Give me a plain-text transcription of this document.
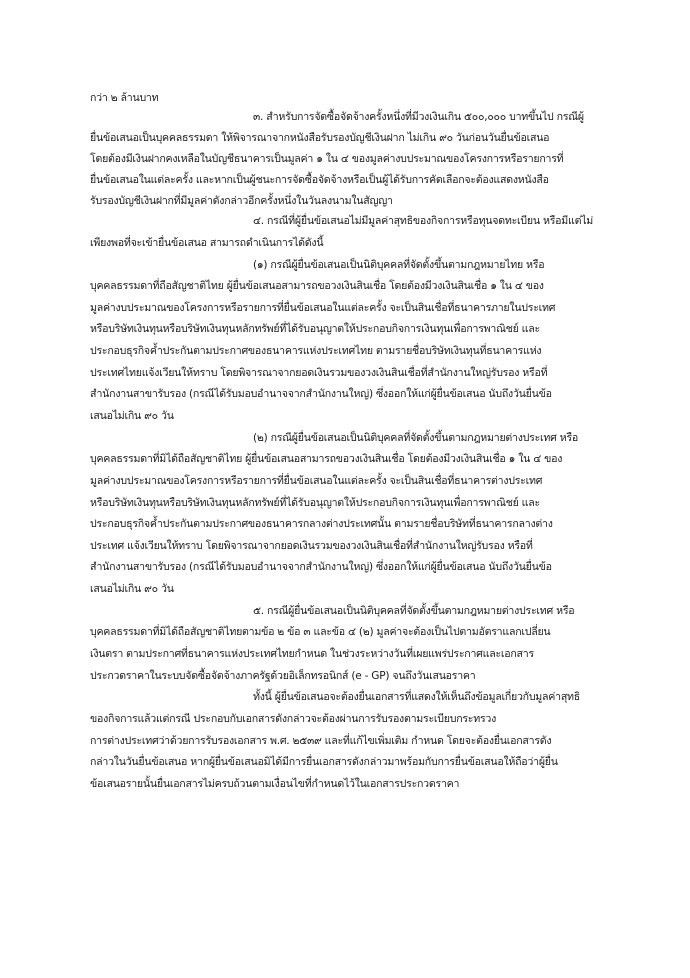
กว่า ๒ ล้านบาท
๓. สำหรับการจัดซื้อจัดจ้างครั้งหนึ่งที่มีวงเงินเกิน ๕๐๐,๐๐๐ บาทขึ้นไป กรณีผู้
ยื่นข้อเสนอเป็นบุคคลธรรมดา ให้พิจารณาจากหนังสือรับรองบัญชีเงินฝาก ไม่เกิน ๙๐ วันก่อนวันยื่นข้อเสนอ
โดยต้องมีเงินฝากคงเหลือในบัญชีธนาคารเป็นมูลค่า ๑ ใน ๔ ของมูลค่างบประมาณของโครงการหรือรายการที่
ยื่นข้อเสนอในแต่ละครั้ง และหากเป็นผู้ชนะการจัดซื้อจัดจ้างหรือเป็นผู้ได้รับการคัดเลือกจะต้องแสดงหนังสือ
รับรองบัญชีเงินฝากที่มีมูลค่าดังกล่าวอีกครั้งหนึ่งในวันลงนามในสัญญา
๔. กรณีที่ผู้ยื่นข้อเสนอไม่มีมูลค่าสุทธิของกิจการหรือทุนจดทะเบียน หรือมีแต่ไม่
เพียงพอที่จะเข้ายื่นข้อเสนอ สามารถดำเนินการได้ดังนี้
(๑) กรณีผู้ยื่นข้อเสนอเป็นนิติบุคคลที่จัดตั้งขึ้นตามกฎหมายไทย หรือ
บุคคลธรรมดาที่ถือสัญชาติไทย ผู้ยื่นข้อเสนอสามารถขอวงเงินสินเชื่อ โดยต้องมีวงเงินสินเชื่อ ๑ ใน ๔ ของ
มูลค่างบประมาณของโครงการหรือรายการที่ยื่นข้อเสนอในแต่ละครั้ง จะเป็นสินเชื่อที่ธนาคารภายในประเทศ
หรือบริษัทเงินทุนหรือบริษัทเงินทุนหลักทรัพย์ที่ได้รับอนุญาตให้ประกอบกิจการเงินทุนเพื่อการพาณิชย์ และ
ประกอบธุรกิจค้ำประกันตามประกาศของธนาคารแห่งประเทศไทย ตามรายชื่อบริษัทเงินทุนที่ธนาคารแห่ง
ประเทศไทยแจ้งเวียนให้ทราบ โดยพิจารณาจากยอดเงินรวมของวงเงินสินเชื่อที่สำนักงานใหญ่รับรอง หรือที่
สำนักงานสาขารับรอง (กรณีได้รับมอบอำนาจจากสำนักงานใหญ่) ซึ่งออกให้แก่ผู้ยื่นข้อเสนอ นับถึงวันยื่นข้อ
เสนอไม่เกิน ๙๐ วัน
(๒) กรณีผู้ยื่นข้อเสนอเป็นนิติบุคคลที่จัดตั้งขึ้นตามกฎหมายต่างประเทศ หรือ
บุคคลธรรมดาที่มิได้ถือสัญชาติไทย ผู้ยื่นข้อเสนอสามารถขอวงเงินสินเชื่อ โดยต้องมีวงเงินสินเชื่อ ๑ ใน ๔ ของ
มูลค่างบประมาณของโครงการหรือรายการที่ยื่นข้อเสนอในแต่ละครั้ง จะเป็นสินเชื่อที่ธนาคารต่างประเทศ
หรือบริษัทเงินทุนหรือบริษัทเงินทุนหลักทรัพย์ที่ได้รับอนุญาตให้ประกอบกิจการเงินทุนเพื่อการพาณิชย์ และ
ประกอบธุรกิจค้ำประกันตามประกาศของธนาคารกลางต่างประเทศนั้น ตามรายชื่อบริษัทที่ธนาคารกลางต่าง
ประเทศ แจ้งเวียนให้ทราบ โดยพิจารณาจากยอดเงินรวมของวงเงินสินเชื่อที่สำนักงานใหญ่รับรอง หรือที่
สำนักงานสาขารับรอง (กรณีได้รับมอบอำนาจจากสำนักงานใหญ่) ซึ่งออกให้แก่ผู้ยื่นข้อเสนอ นับถึงวันยื่นข้อ
เสนอไม่เกิน ๙๐ วัน
๕. กรณีผู้ยื่นข้อเสนอเป็นนิติบุคคลที่จัดตั้งขึ้นตามกฎหมายต่างประเทศ หรือ
บุคคลธรรมดาที่มิได้ถือสัญชาติไทยตามข้อ ๒ ข้อ ๓ และข้อ ๔ (๒) มูลค่าจะต้องเป็นไปตามอัตราแลกเปลี่ยน
เงินตรา ตามประกาศที่ธนาคารแห่งประเทศไทยกำหนด ในช่วงระหว่างวันที่เผยแพร่ประกาศและเอกสาร
ประกวดราคาในระบบจัดซื้อจัดจ้างภาครัฐด้วยอิเล็กทรอนิกส์ (e - GP) จนถึงวันเสนอราคา
ทั้งนี้ ผู้ยื่นข้อเสนอจะต้องยื่นเอกสารที่แสดงให้เห็นถึงข้อมูลเกี่ยวกับมูลค่าสุทธิ
ของกิจการแล้วแต่กรณี ประกอบกับเอกสารดังกล่าวจะต้องผ่านการรับรองตามระเบียบกระทรวง
การต่างประเทศว่าด้วยการรับรองเอกสาร พ.ศ. ๒๕๓๙ และที่แก้ไขเพิ่มเติม กำหนด โดยจะต้องยื่นเอกสารดัง
กล่าวในวันยื่นข้อเสนอ หากผู้ยื่นข้อเสนอมิได้มีการยื่นเอกสารดังกล่าวมาพร้อมกับการยื่นข้อเสนอให้ถือว่าผู้ยื่น
ข้อเสนอรายนั้นยื่นเอกสารไม่ครบถ้วนตามเงื่อนไขที่กำหนดไว้ในเอกสารประกวดราคา
